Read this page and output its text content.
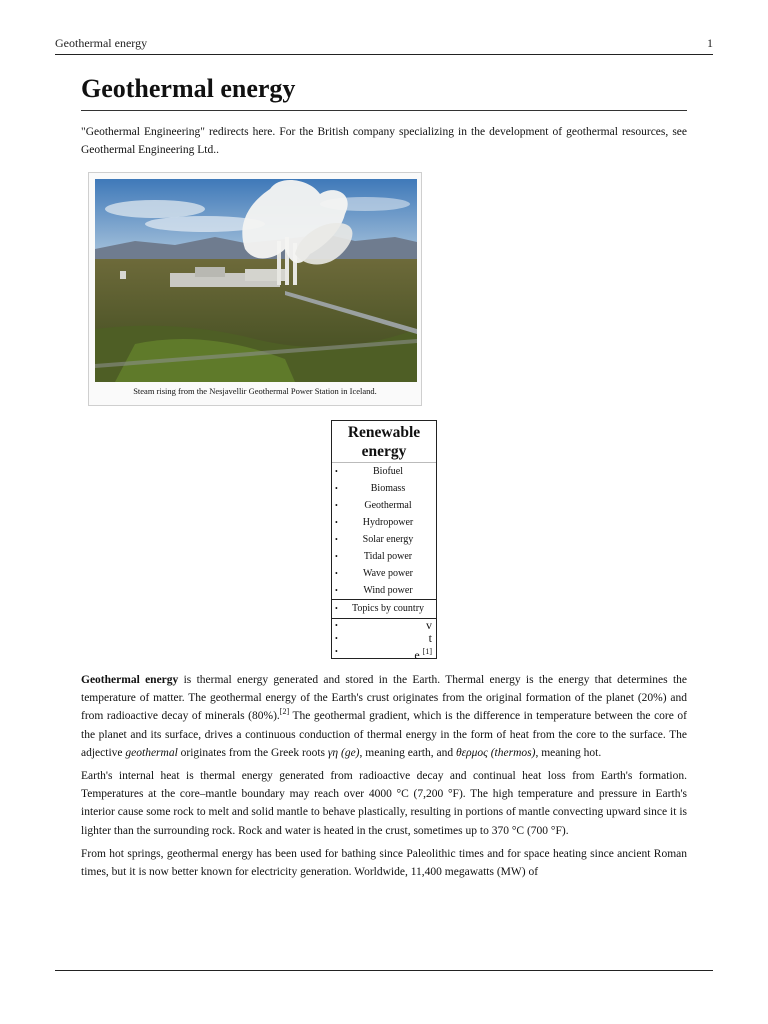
Geothermal energy	1
Geothermal energy

"Geothermal Engineering" redirects here. For the British company specializing in the development of geothermal resources, see Geothermal Engineering Ltd..

Steam rising from the Nesjavellir Geothermal Power Station in Iceland.
Renewable energy
• Biofuel
• Biomass
• Geothermal
• Hydropower
• Solar energy
• Tidal power
• Wave power
• Wind power
• Topics by country
• v
• t
• e [1]

Geothermal energy is thermal energy generated and stored in the Earth. Thermal energy is the energy that determines the temperature of matter. The geothermal energy of the Earth's crust originates from the original formation of the planet (20%) and from radioactive decay of minerals (80%).[2] The geothermal gradient, which is the difference in temperature between the core of the planet and its surface, drives a continuous conduction of thermal energy in the form of heat from the core to the surface. The adjective geothermal originates from the Greek roots γη (ge), meaning earth, and θερμος (thermos), meaning hot.

Earth's internal heat is thermal energy generated from radioactive decay and continual heat loss from Earth's formation. Temperatures at the core–mantle boundary may reach over 4000 °C (7,200 °F). The high temperature and pressure in Earth's interior cause some rock to melt and solid mantle to behave plastically, resulting in portions of mantle convecting upward since it is lighter than the surrounding rock. Rock and water is heated in the crust, sometimes up to 370 °C (700 °F).

From hot springs, geothermal energy has been used for bathing since Paleolithic times and for space heating since ancient Roman times, but it is now better known for electricity generation. Worldwide, 11,400 megawatts (MW) of
